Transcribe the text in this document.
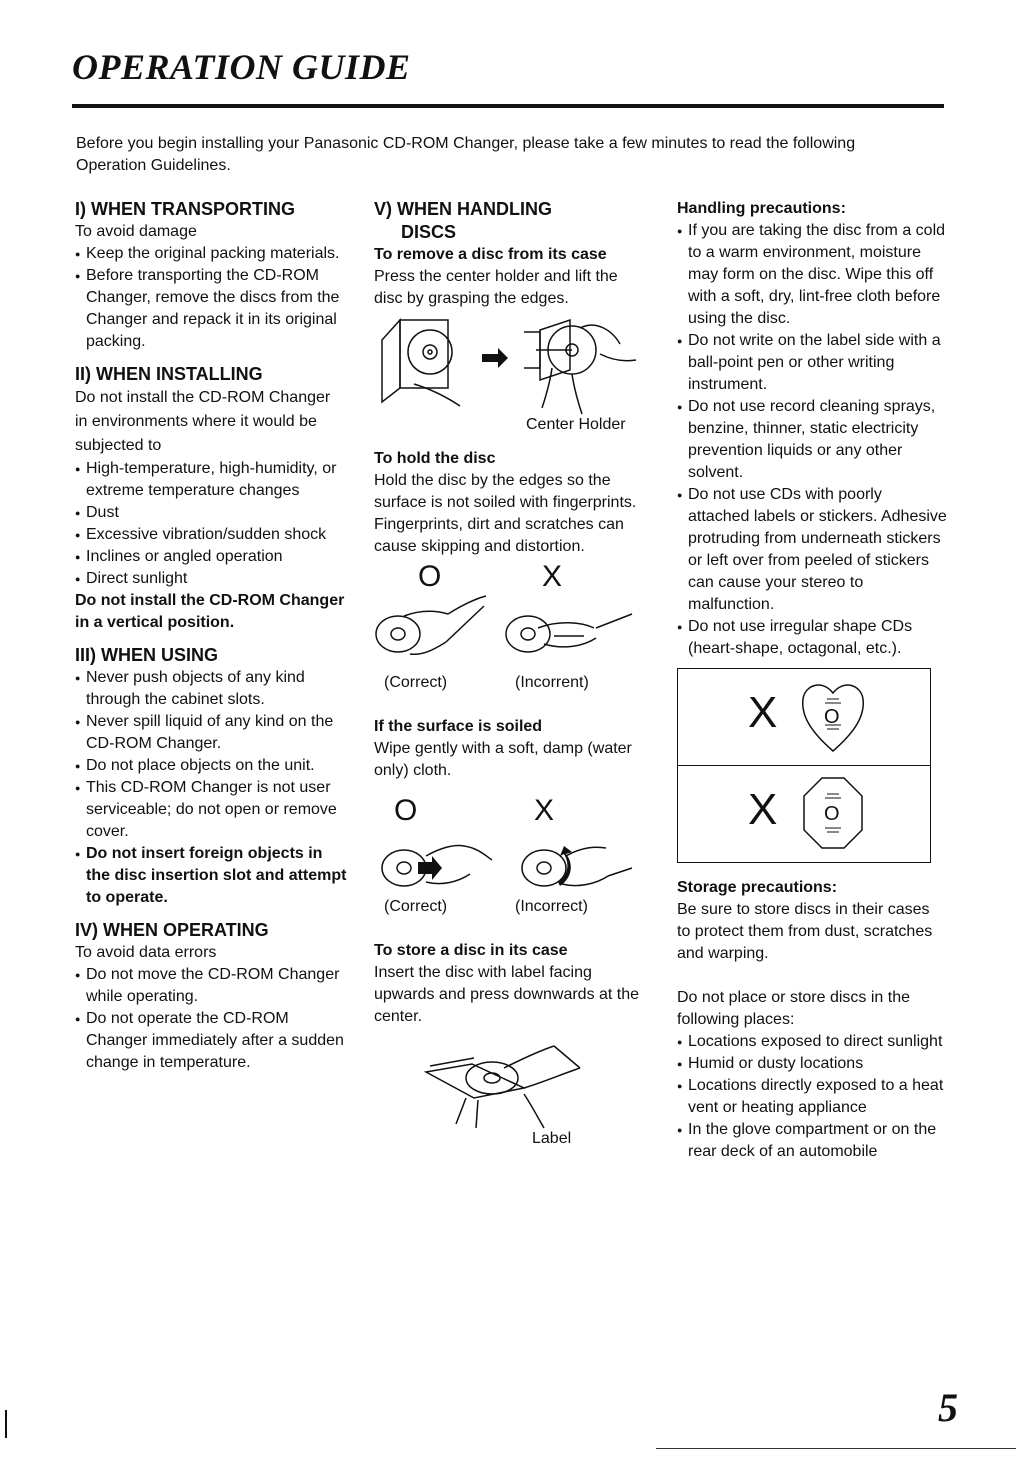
OPERATION GUIDE

Before you begin installing your Panasonic CD-ROM Changer, please take a few minutes to read the following Operation Guidelines.

I) WHEN TRANSPORTING

To avoid damage

● Keep the original packing materials.
● Before transporting the CD-ROM Changer, remove the discs from the Changer and repack it in its original packing.
II) WHEN INSTALLING

Do not install the CD-ROM Changer in environments where it would be subjected to

● High-temperature, high-humidity, or extreme temperature changes
● Dust
● Excessive vibration/sudden shock
● Inclines or angled operation
● Direct sunlight

Do not install the CD-ROM Changer in a vertical position.

III) WHEN USING
● Never push objects of any kind through the cabinet slots.
● Never spill liquid of any kind on the CD-ROM Changer.
● Do not place objects on the unit.
● This CD-ROM Changer is not user serviceable; do not open or remove cover.
● Do not insert foreign objects in the disc insertion slot and attempt to operate.
IV) WHEN OPERATING

To avoid data errors

● Do not move the CD-ROM Changer while operating.
● Do not operate the CD-ROM Changer immediately after a sudden change in temperature.
V) WHEN HANDLING
DISCS
To remove a disc from its case

Press the center holder and lift the disc by grasping the edges.

Center Holder
To hold the disc

Hold the disc by the edges so the surface is not soiled with fingerprints.

Fingerprints, dirt and scratches can cause skipping and distortion.

O	X
(Correct)	(Incorrent)
If the surface is soiled

Wipe gently with a soft, damp (water only) cloth.

O	X
(Correct)	(Incorrect)
To store a disc in its case

Insert the disc with label facing upwards and press downwards at the center.

Label
Handling precautions:
● If you are taking the disc from a cold to a warm environment, moisture may form on the disc. Wipe this off with a soft, dry, lint-free cloth before using the disc.
● Do not write on the label side with a ball-point pen or other writing instrument.
● Do not use record cleaning sprays, benzine, thinner, static electricity prevention liquids or any other solvent.
● Do not use CDs with poorly attached labels or stickers. Adhesive protruding from underneath stickers or left over from peeled of stickers can cause your stereo to malfunction.
● Do not use irregular shape CDs (heart-shape, octagonal, etc.).
X O
X O
Storage precautions:

Be sure to store discs in their cases to protect them from dust, scratches and warping.

Do not place or store discs in the following places:

● Locations exposed to direct sunlight
● Humid or dusty locations
● Locations directly exposed to a heat vent or heating appliance
● In the glove compartment or on the rear deck of an automobile
5
